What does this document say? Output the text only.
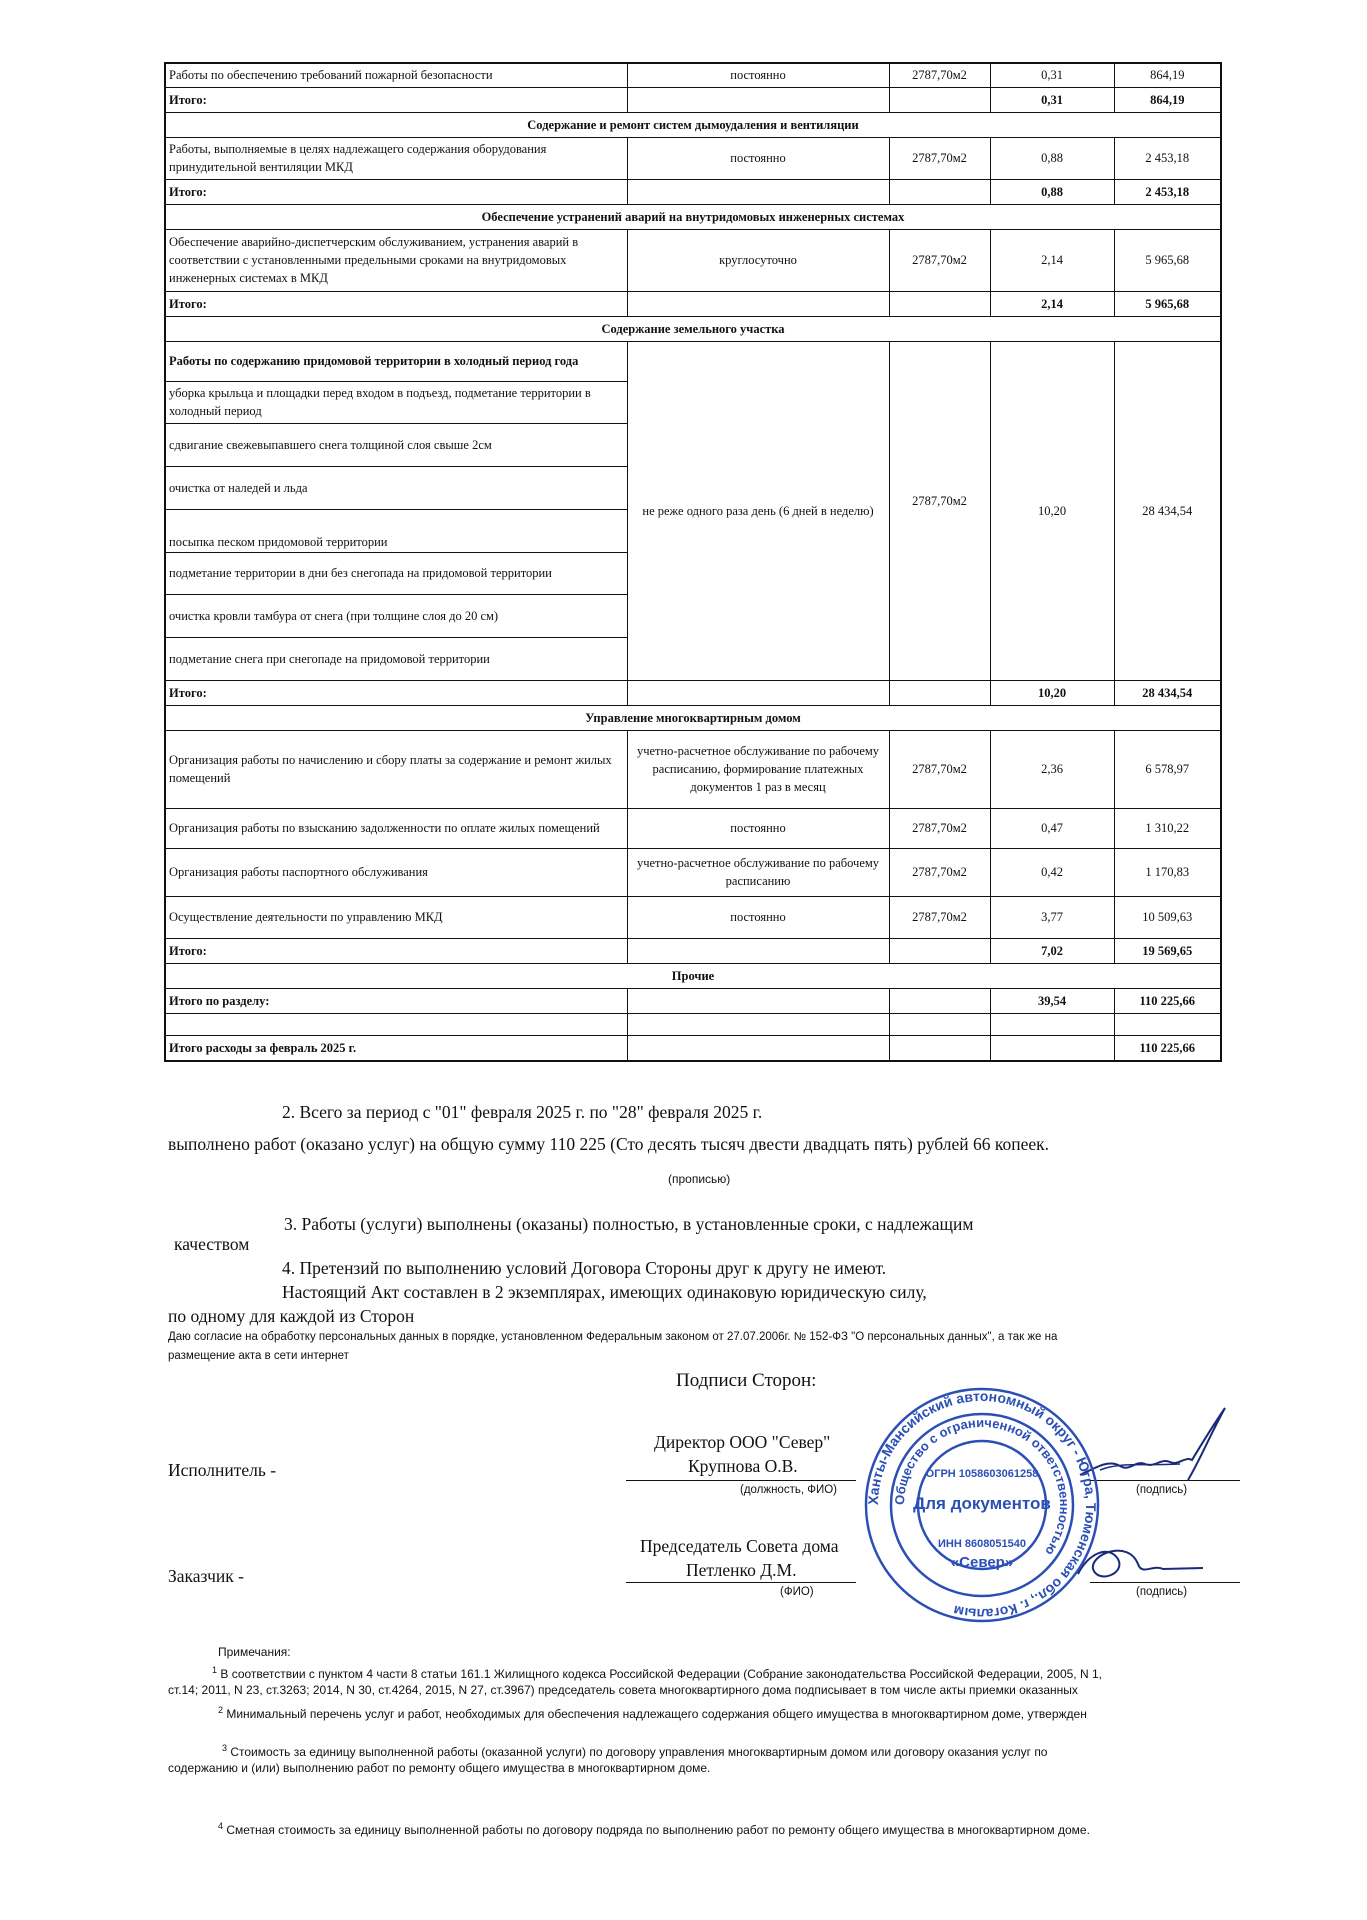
Работы по обеспечению требований пожарной безопасности	постоянно	2787,70м2	0,31	864,19
Итого:			0,31	864,19
Содержание и ремонт систем дымоудаления и вентиляции				
Работы, выполняемые в целях надлежащего содержания оборудования принудительной вентиляции МКД	постоянно	2787,70м2	0,88	2 453,18
Итого:			0,88	2 453,18
Обеспечение устранений аварий на внутридомовых инженерных системах				
Обеспечение аварийно-диспетчерским обслуживанием, устранения аварий в соответствии с установленными предельными сроками на внутридомовых инженерных системах в МКД	круглосуточно	2787,70м2	2,14	5 965,68
Итого:			2,14	5 965,68
Содержание земельного участка				
Работы по содержанию придомовой территории в холодный период года	не реже одного раза день (6 дней в неделю)	2787,70м2	10,20	28 434,54
уборка крыльца и площадки перед входом в подъезд, подметание территории в холодный период				
сдвигание свежевыпавшего снега толщиной слоя свыше 2см				
очистка от наледей и льда				
посыпка песком придомовой территории				
подметание территории в дни без снегопада на придомовой территории				
очистка кровли тамбура от снега (при толщине слоя до 20 см)				
подметание снега при снегопаде на придомовой территории				
Итого:			10,20	28 434,54
Управление многоквартирным домом				
Организация работы по начислению и сбору платы за содержание и ремонт жилых помещений	учетно-расчетное обслуживание по рабочему расписанию, формирование платежных документов 1 раз в месяц	2787,70м2	2,36	6 578,97
Организация работы по взысканию задолженности по оплате жилых помещений	постоянно	2787,70м2	0,47	1 310,22
Организация работы паспортного обслуживания	учетно-расчетное обслуживание по рабочему расписанию	2787,70м2	0,42	1 170,83
Осуществление деятельности по управлению МКД	постоянно	2787,70м2	3,77	10 509,63
Итого:			7,02	19 569,65
Прочие				
Итого по разделу:			39,54	110 225,66

Итого расходы за февраль 2025 г.				110 225,66
2. Всего за период с "01" февраля 2025 г. по "28" февраля 2025 г.
выполнено работ (оказано услуг) на общую сумму 110 225 (Сто десять тысяч двести двадцать пять) рублей 66 копеек.
(прописью)
3. Работы (услуги) выполнены (оказаны) полностью, в установленные сроки, с надлежащим
качеством
4. Претензий по выполнению условий Договора Стороны друг к другу не имеют.
Настоящий Акт составлен в 2 экземплярах, имеющих одинаковую юридическую силу,
по одному для каждой из Сторон
Даю согласие на обработку персональных данных в порядке, установленном Федеральным законом от 27.07.2006г. № 152-ФЗ "О персональных данных", а так же на
размещение акта в сети интернет
Подписи Сторон:
Исполнитель -
Директор ООО "Север"
Крупнова О.В.
(должность, ФИО)	(подпись)
Заказчик -
Председатель Совета дома
Петленко Д.М.
(ФИО)	(подпись)
Ханты-Мансийский автономный округ - Югра, Тюменская обл., г. Когалым
Общество с ограниченной ответственностью
ОГРН 1058603061258
Для документов
ИНН 8608051540
«Север»
Примечания:
$^1$ В соответствии с пунктом 4 части 8 статьи 161.1 Жилищного кодекса Российской Федерации (Собрание законодательства Российской Федерации, 2005, N 1,
ст.14; 2011, N 23, ст.3263; 2014, N 30, ст.4264, 2015, N 27, ст.3967) председатель совета многоквартирного дома подписывает в том числе акты приемки оказанных
$^2$ Минимальный перечень услуг и работ, необходимых для обеспечения надлежащего содержания общего имущества в многоквартирном доме, утвержден
$^3$ Стоимость за единицу выполненной работы (оказанной услуги) по договору управления многоквартирным домом или договору оказания услуг по
содержанию и (или) выполнению работ по ремонту общего имущества в многоквартирном доме.
$^4$ Сметная стоимость за единицу выполненной работы по договору подряда по выполнению работ по ремонту общего имущества в многоквартирном доме.
